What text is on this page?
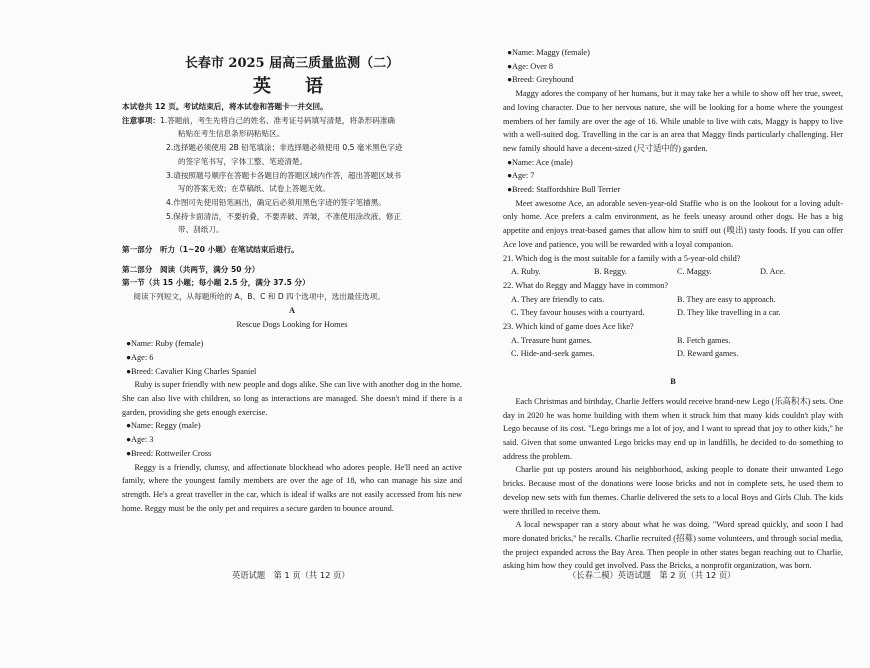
长春市 2025 届高三质量监测（二）

英　语

本试卷共 12 页。考试结束后，将本试卷和答题卡一并交回。

注意事项： 1.答题前，考生先将自己的姓名、准考证号码填写清楚，将条形码准确

粘贴在考生信息条形码粘贴区。

2.选择题必须使用 2B 铅笔填涂；非选择题必须使用 0.5 毫米黑色字迹

的签字笔书写，字体工整、笔迹清楚。

3.请按照题号顺序在答题卡各题目的答题区域内作答，超出答题区域书

写的答案无效；在草稿纸、试卷上答题无效。

4.作图可先使用铅笔画出，确定后必须用黑色字迹的签字笔描黑。

5.保持卡面清洁，不要折叠，不要弄破、弄皱，不准使用涂改液、修正

带、刮纸刀。

第一部分　听力（1~20 小题）在笔试结束后进行。

第二部分　阅读（共两节，满分 50 分）

第一节（共 15 小题；每小题 2.5 分，满分 37.5 分）

阅读下列短文，从每题所给的 A、B、C 和 D 四个选项中，选出最佳选项。

A

Rescue Dogs Looking for Homes

●Name: Ruby (female)

●Age: 6

●Breed: Cavalier King Charles Spaniel

Ruby is super friendly with new people and dogs alike. She can live with another dog in the home. She can also live with children, so long as interactions are managed. She doesn't mind if there is a garden, providing she gets enough exercise.

●Name: Reggy (male)

●Age: 3

●Breed: Rottweiler Cross

Reggy is a friendly, clumsy, and affectionate blockhead who adores people. He'll need an active family, where the youngest family members are over the age of 18, who can manage his size and strength. He's a great traveller in the car, which is ideal if walks are not easily accessed from his new home. Reggy must be the only pet and requires a secure garden to bounce around.

英语试题　第 1 页（共 12 页）

●Name: Maggy (female)

●Age: Over 8

●Breed: Greyhound

Maggy adores the company of her humans, but it may take her a while to show off her true, sweet, and loving character. Due to her nervous nature, she will be looking for a home where the youngest members of her family are over the age of 16. While unable to live with cats, Maggy is happy to live with a well-suited dog. Travelling in the car is an area that Maggy finds particularly challenging. Her new family should have a decent-sized (尺寸适中的) garden.

●Name: Ace (male)

●Age: 7

●Breed: Staffordshire Bull Terrier

Meet awesome Ace, an adorable seven-year-old Staffie who is on the lookout for a loving adult-only home. Ace prefers a calm environment, as he feels uneasy around other dogs. He has a big appetite and enjoys treat-based games that allow him to sniff out (嗅出) tasty foods. If you can offer Ace love and patience, you will be rewarded with a loyal companion.

21. Which dog is the most suitable for a family with a 5-year-old child?

A. Ruby.	B. Reggy.	C. Maggy.	D. Ace.

22. What do Reggy and Maggy have in common?

A. They are friendly to cats.	B. They are easy to approach.
C. They favour houses with a courtyard.	D. They like travelling in a car.

23. Which kind of game does Ace like?

A. Treasure hunt games.	B. Fetch games.
C. Hide-and-seek games.	D. Reward games.

B

Each Christmas and birthday, Charlie Jeffers would receive brand-new Lego (乐高积木) sets. One day in 2020 he was home building with them when it struck him that many kids couldn't play with Lego because of its cost. "Lego brings me a lot of joy, and I want to spread that joy to other kids," he said. Given that some unwanted Lego bricks may end up in landfills, he decided to do something to address the problem.

Charlie put up posters around his neighborhood, asking people to donate their unwanted Lego bricks. Because most of the donations were loose bricks and not in complete sets, he used them to develop new sets with fun themes. Charlie delivered the sets to a local Boys and Girls Club. The kids were thrilled to receive them.

A local newspaper ran a story about what he was doing. "Word spread quickly, and soon I had more donated bricks," he recalls. Charlie recruited (招募) some volunteers, and through social media, the project expanded across the Bay Area. Then people in other states began reaching out to Charlie, asking him how they could get involved. Pass the Bricks, a nonprofit organization, was born.

（长春二模）英语试题　第 2 页（共 12 页）
